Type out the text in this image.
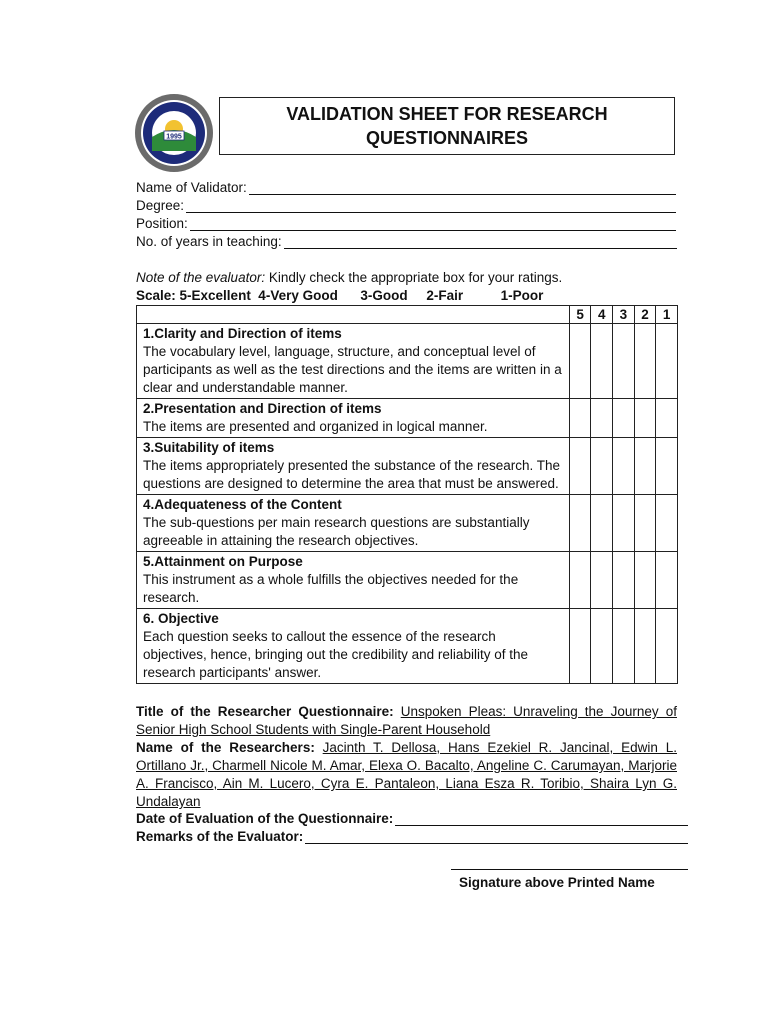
1995
VALIDATION SHEET FOR RESEARCH
QUESTIONNAIRES
Name of Validator:
Degree:
Position:
No. of years in teaching:
Note of the evaluator: Kindly check the appropriate box for your ratings.
Scale: 5-Excellent  4-Very Good      3-Good     2-Fair          1-Poor
	5	4	3	2	1

1.Clarity and Direction of items
The vocabulary level, language, structure, and conceptual level of participants as well as the test directions and the items are written in a clear and understandable manner.					

2.Presentation and Direction of items
The items are presented and organized in logical manner.					

3.Suitability of items
The items appropriately presented the substance of the research. The questions are designed to determine the area that must be answered.					

4.Adequateness of the Content
The sub-questions per main research questions are substantially agreeable in attaining the research objectives.					

5.Attainment on Purpose
This instrument as a whole fulfills the objectives needed for the research.					

6. Objective
Each question seeks to callout the essence of the research objectives, hence, bringing out the credibility and reliability of the research participants' answer.					

Title of the Researcher Questionnaire: Unspoken Pleas: Unraveling the Journey of Senior High School Students with Single-Parent Household
Name of the Researchers: Jacinth T. Dellosa, Hans Ezekiel R. Jancinal, Edwin L. Ortillano Jr., Charmell Nicole M. Amar, Elexa O. Bacalto, Angeline C. Carumayan, Marjorie A. Francisco, Ain M. Lucero, Cyra E. Pantaleon, Liana Esza R. Toribio, Shaira Lyn G. Undalayan
Date of Evaluation of the Questionnaire:
Remarks of the Evaluator:
Signature above Printed Name
